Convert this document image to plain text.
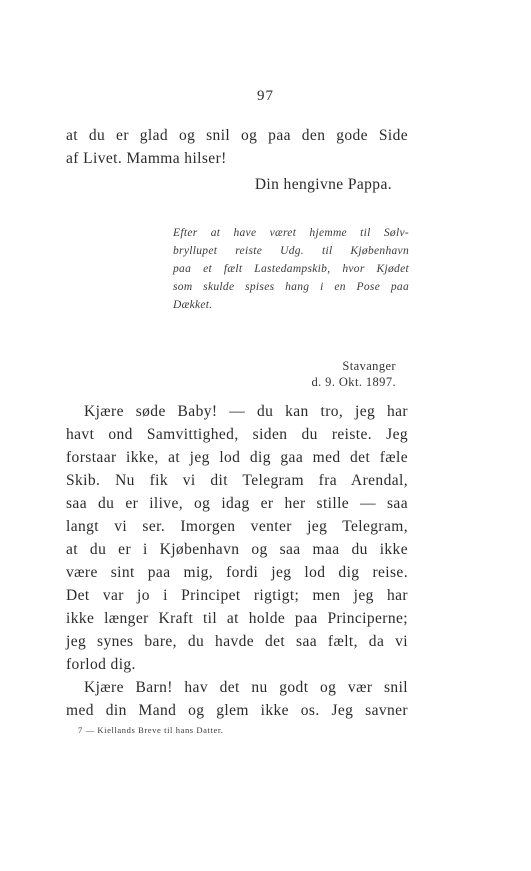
97
at du er glad og snil og paa den gode Side
af Livet. Mamma hilser!
Din hengivne Pappa.
Efter at have været hjemme til Sølv-
bryllupet reiste Udg. til Kjøbenhavn
paa et fælt Lastedampskib, hvor Kjødet
som skulde spises hang i en Pose paa
Dækket.
Stavanger
d. 9. Okt. 1897.
Kjære søde Baby! — du kan tro, jeg har
havt ond Samvittighed, siden du reiste. Jeg
forstaar ikke, at jeg lod dig gaa med det fæle
Skib. Nu fik vi dit Telegram fra Arendal,
saa du er ilive, og idag er her stille — saa
langt vi ser. Imorgen venter jeg Telegram,
at du er i Kjøbenhavn og saa maa du ikke
være sint paa mig, fordi jeg lod dig reise.
Det var jo i Principet rigtigt; men jeg har
ikke længer Kraft til at holde paa Principerne;
jeg synes bare, du havde det saa fælt, da vi
forlod dig.
Kjære Barn! hav det nu godt og vær snil
med din Mand og glem ikke os. Jeg savner
7 — Kiellands Breve til hans Datter.
